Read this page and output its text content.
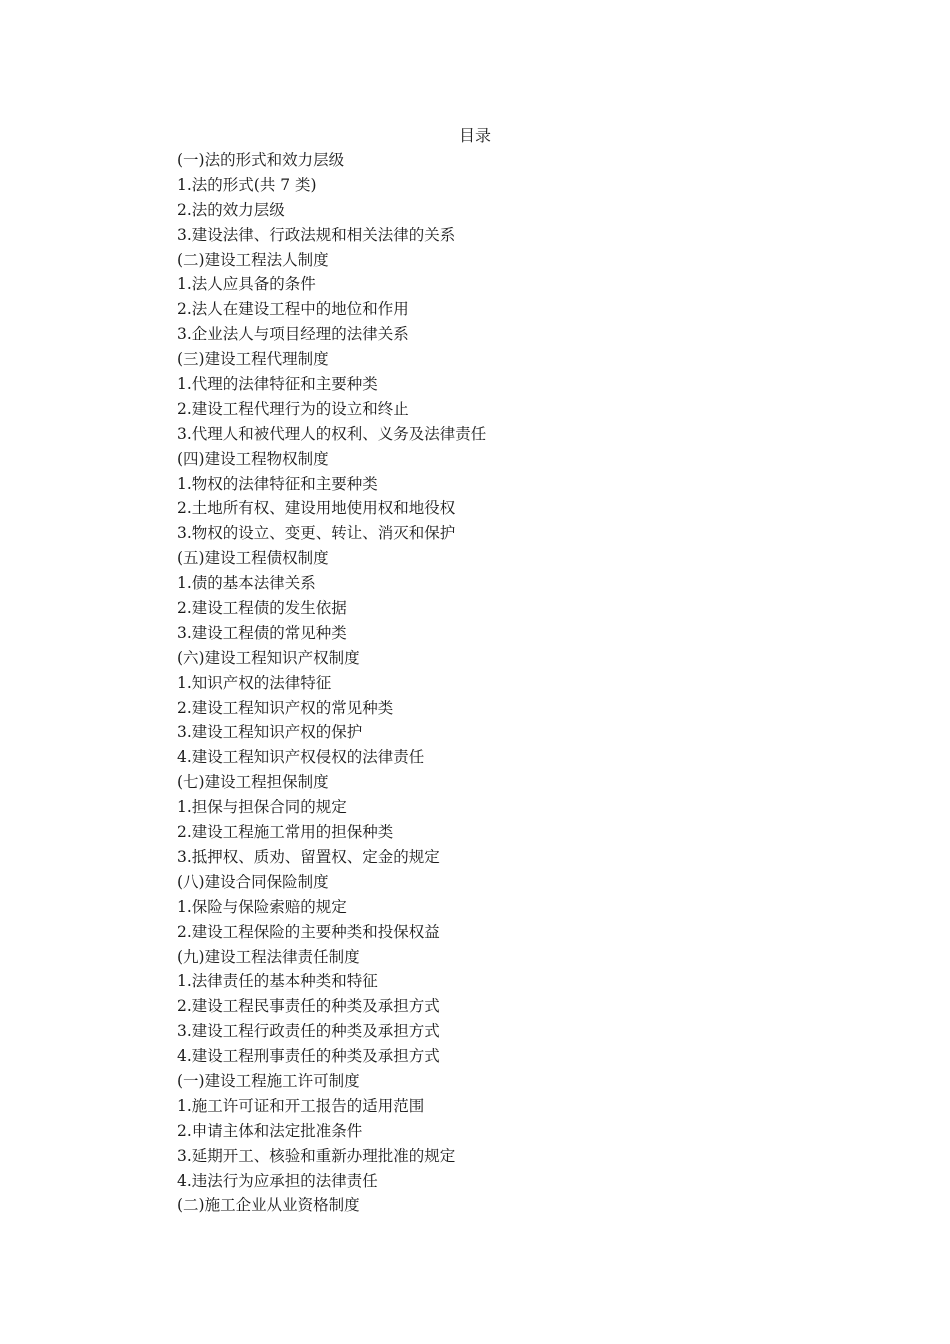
目录
(一)法的形式和效力层级
1.法的形式(共 7 类)
2.法的效力层级
3.建设法律、行政法规和相关法律的关系
(二)建设工程法人制度
1.法人应具备的条件
2.法人在建设工程中的地位和作用
3.企业法人与项目经理的法律关系
(三)建设工程代理制度
1.代理的法律特征和主要种类
2.建设工程代理行为的设立和终止
3.代理人和被代理人的权利、义务及法律责任
(四)建设工程物权制度
1.物权的法律特征和主要种类
2.土地所有权、建设用地使用权和地役权
3.物权的设立、变更、转让、消灭和保护
(五)建设工程债权制度
1.债的基本法律关系
2.建设工程债的发生依据
3.建设工程债的常见种类
(六)建设工程知识产权制度
1.知识产权的法律特征
2.建设工程知识产权的常见种类
3.建设工程知识产权的保护
4.建设工程知识产权侵权的法律责任
(七)建设工程担保制度
1.担保与担保合同的规定
2.建设工程施工常用的担保种类
3.抵押权、质劝、留置权、定金的规定
(八)建设合同保险制度
1.保险与保险索赔的规定
2.建设工程保险的主要种类和投保权益
(九)建设工程法律责任制度
1.法律责任的基本种类和特征
2.建设工程民事责任的种类及承担方式
3.建设工程行政责任的种类及承担方式
4.建设工程刑事责任的种类及承担方式
(一)建设工程施工许可制度
1.施工许可证和开工报告的适用范围
2.申请主体和法定批准条件
3.延期开工、核验和重新办理批准的规定
4.违法行为应承担的法律责任
(二)施工企业从业资格制度
